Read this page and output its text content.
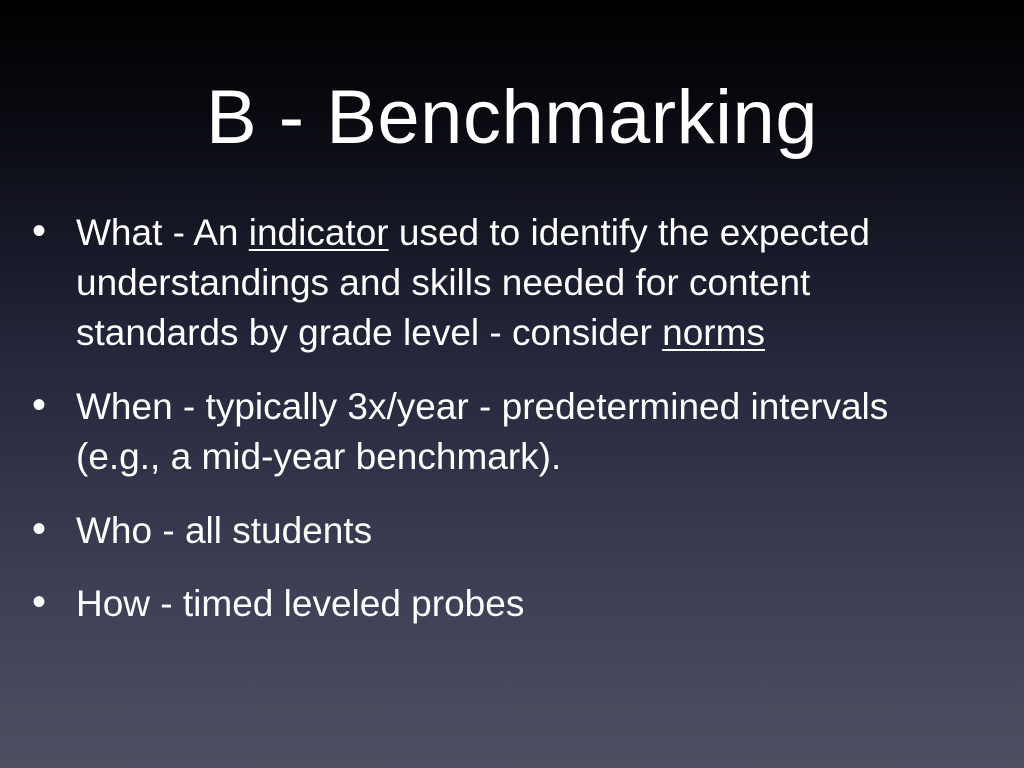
B - Benchmarking
• What - An indicator used to identify the expected understandings and skills needed for content standards by grade level - consider norms
• When - typically 3x/year - predetermined intervals (e.g., a mid-year benchmark).
• Who - all students
• How - timed leveled probes
